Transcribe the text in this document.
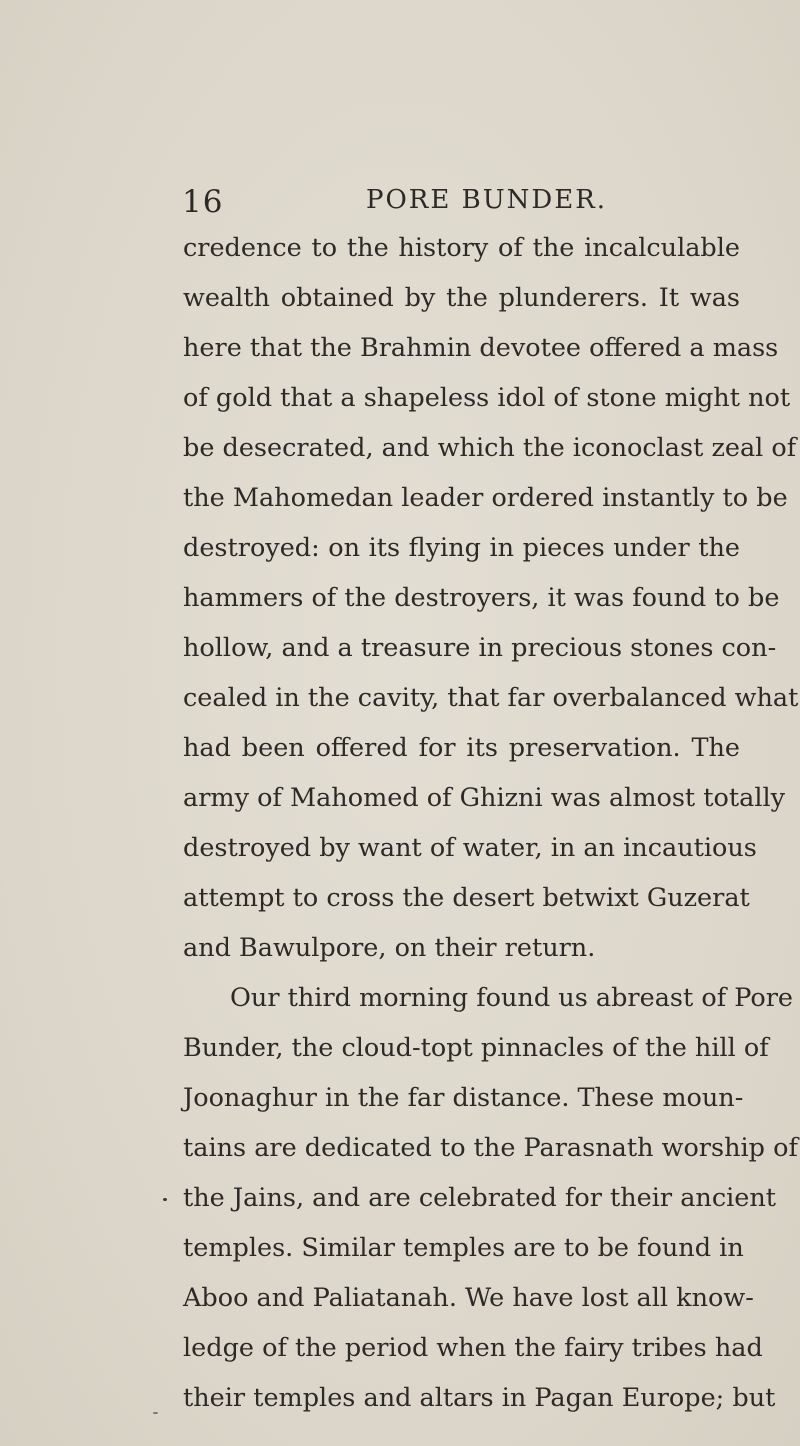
16	PORE BUNDER.
credence to the history of the incalculable
wealth obtained by the plunderers. It was
here that the Brahmin devotee offered a mass
of gold that a shapeless idol of stone might not
be desecrated, and which the iconoclast zeal of
the Mahomedan leader ordered instantly to be
destroyed: on its flying in pieces under the
hammers of the destroyers, it was found to be
hollow, and a treasure in precious stones con-
cealed in the cavity, that far overbalanced what
had been offered for its preservation. The
army of Mahomed of Ghizni was almost totally
destroyed by want of water, in an incautious
attempt to cross the desert betwixt Guzerat
and Bawulpore, on their return.
Our third morning found us abreast of Pore
Bunder, the cloud-topt pinnacles of the hill of
Joonaghur in the far distance. These moun-
tains are dedicated to the Parasnath worship of
the Jains, and are celebrated for their ancient
temples. Similar temples are to be found in
Aboo and Paliatanah. We have lost all know-
ledge of the period when the fairy tribes had
their temples and altars in Pagan Europe; but
